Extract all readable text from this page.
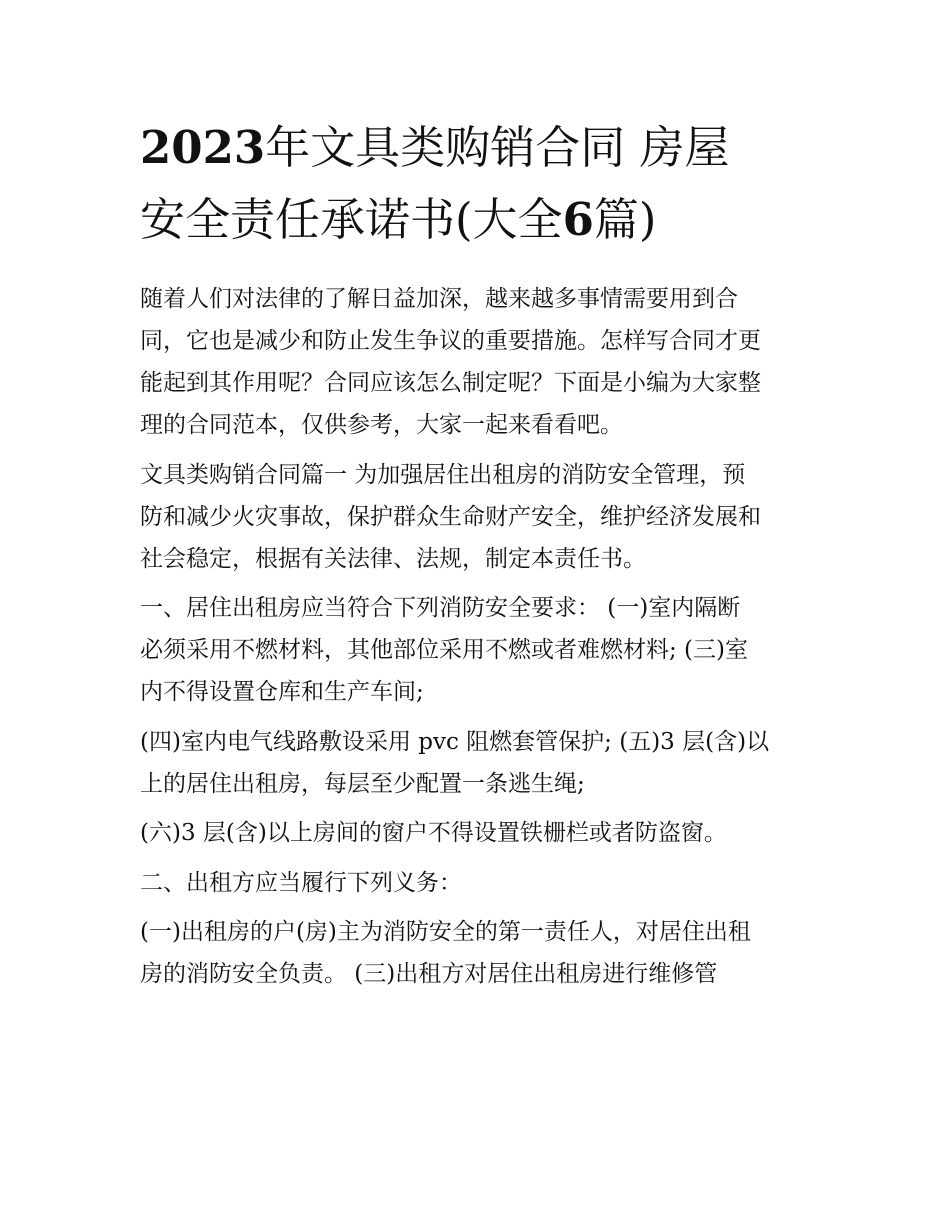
2023年文具类购销合同 房屋
安全责任承诺书(大全6篇)

随着人们对法律的了解日益加深，越来越多事情需要用到合
同，它也是减少和防止发生争议的重要措施。怎样写合同才更
能起到其作用呢？合同应该怎么制定呢？下面是小编为大家整
理的合同范本，仅供参考，大家一起来看看吧。

文具类购销合同篇一 为加强居住出租房的消防安全管理，预
防和减少火灾事故，保护群众生命财产安全，维护经济发展和
社会稳定，根据有关法律、法规，制定本责任书。

一、居住出租房应当符合下列消防安全要求： (一)室内隔断
必须采用不燃材料，其他部位采用不燃或者难燃材料; (三)室
内不得设置仓库和生产车间;

(四)室内电气线路敷设采用 pvc 阻燃套管保护; (五)3 层(含)以
上的居住出租房，每层至少配置一条逃生绳;

(六)3 层(含)以上房间的窗户不得设置铁栅栏或者防盗窗。

二、出租方应当履行下列义务：

(一)出租房的户(房)主为消防安全的第一责任人，对居住出租
房的消防安全负责。 (三)出租方对居住出租房进行维修管
